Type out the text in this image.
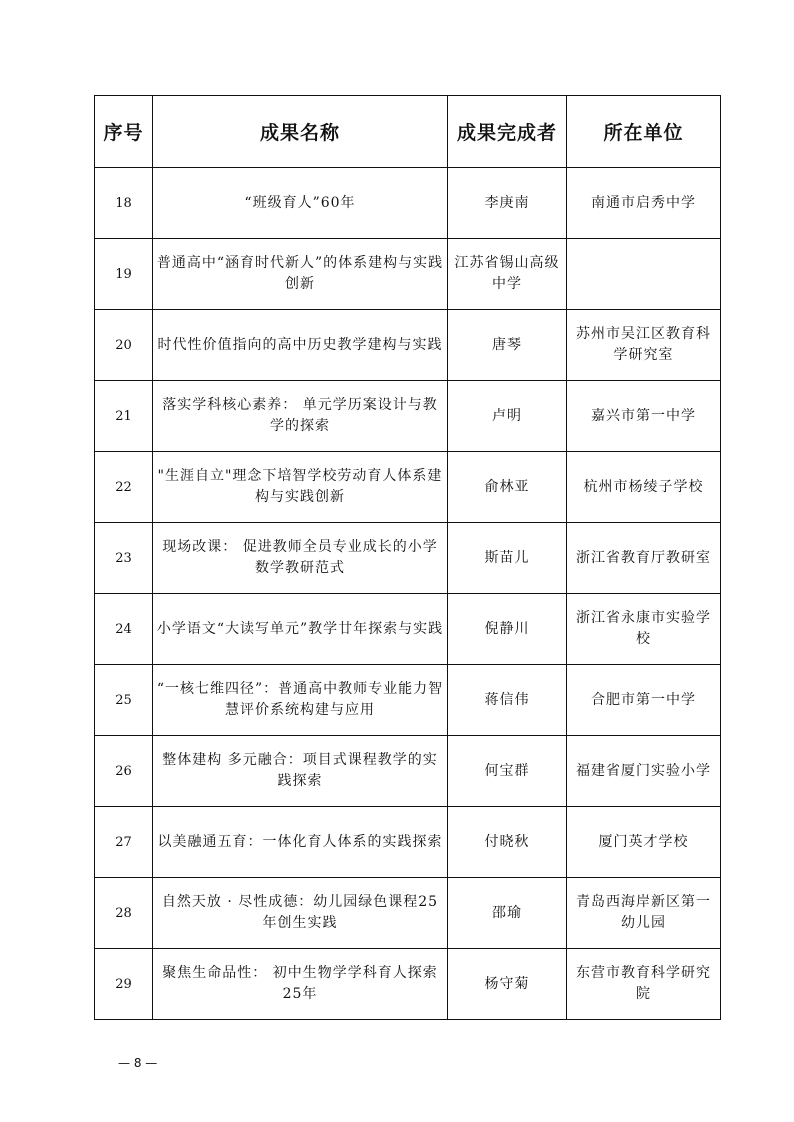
序号	成果名称	成果完成者	所在单位
18	“班级育人”60年	李庚南	南通市启秀中学
19	普通高中“涵育时代新人”的体系建构与实践创新	江苏省锡山高级中学	
20	时代性价值指向的高中历史教学建构与实践	唐琴	苏州市吴江区教育科学研究室
21	落实学科核心素养： 单元学历案设计与教学的探索	卢明	嘉兴市第一中学
22	"生涯自立"理念下培智学校劳动育人体系建构与实践创新	俞林亚	杭州市杨绫子学校
23	现场改课： 促进教师全员专业成长的小学数学教研范式	斯苗儿	浙江省教育厅教研室
24	小学语文“大读写单元”教学廿年探索与实践	倪静川	浙江省永康市实验学校
25	“一核七维四径”：普通高中教师专业能力智慧评价系统构建与应用	蒋信伟	合肥市第一中学
26	整体建构 多元融合：项目式课程教学的实践探索	何宝群	福建省厦门实验小学
27	以美融通五育：一体化育人体系的实践探索	付晓秋	厦门英才学校
28	自然天放 · 尽性成德：幼儿园绿色课程25年创生实践	邵瑜	青岛西海岸新区第一幼儿园
29	聚焦生命品性： 初中生物学学科育人探索25年	杨守菊	东营市教育科学研究院
— 8 —
